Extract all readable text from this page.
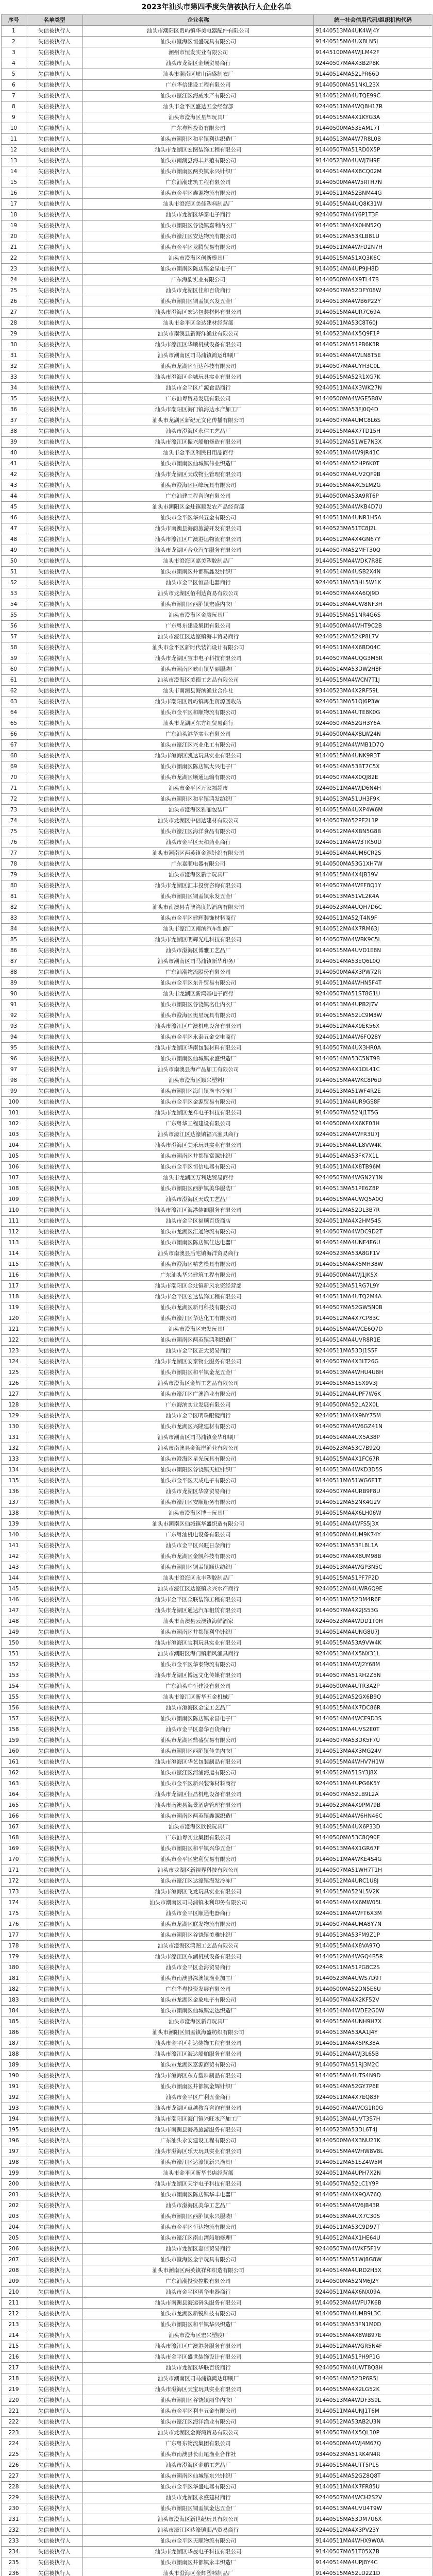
2023年汕头市第四季度失信被执行人企业名单
序号	名单类型	企业名称	统一社会信用代码/组织机构代码
1	失信被执行人	汕头市潮阳区贵屿镇华美电器配件有限公司	91440513MA4UK4WJ4Y
2	失信被执行人	汕头市澄海区恒盛玩具有限公司	91440515MA4UX8LN5J
3	失信被执行人	潮州市恒发实业有限公司	91445100MA4WJLM42F
4	失信被执行人	汕头市龙湖区金顺贸易商行	92440507MA4X3B2P8K
5	失信被执行人	汕头市潮南区峡山锦盛制衣厂	91440514MA52LPR66D
6	失信被执行人	广东华信建设工程有限公司	91440500MA51NKL23X
7	失信被执行人	汕头市濠江区海威水产有限公司	91440512MA4UTQE99C
8	失信被执行人	汕头市金平区盛达五金经营部	92440511MA4WQ8H17R
9	失信被执行人	汕头市澄海区星辉玩具厂	91440515MA4X1KYG3A
10	失信被执行人	广东粤辉投资有限公司	91440500MA53EAM17T
11	失信被执行人	汕头市潮阳区和平镇利达织造厂	91440513MA4W7R8L0B
12	失信被执行人	汕头市龙湖区宏图装饰工程有限公司	91440507MA51RD0X5P
13	失信被执行人	汕头市南澳县海丰养殖有限公司	91440523MA4UWJ7H9E
14	失信被执行人	汕头市潮南区两英镇永兴针织厂	91440514MA4X8CQ02M
15	失信被执行人	广东汕潮建筑工程有限公司	91440500MA4W5RTH7N
16	失信被执行人	汕头市金平区鑫源物流有限公司	91440511MA52BNM44G
17	失信被执行人	汕头市澄海区美佳塑料制品厂	91440515MA4UQ8K31W
18	失信被执行人	汕头市龙湖区华泰电子商行	92440507MA4Y6P1T3F
19	失信被执行人	汕头市潮阳区谷饶镇嘉利内衣厂	91440513MA4X0HN52Q
20	失信被执行人	汕头市濠江区安达物流有限公司	91440512MA53KLB81U
21	失信被执行人	汕头市金平区龙腾贸易有限公司	91440511MA4WFD2N7H
22	失信被执行人	汕头市澄海区创新模具厂	91440515MA51XQ3K6C
23	失信被执行人	汕头市潮南区陈店镇金星电子厂	91440514MA4UP9JH8D
24	失信被执行人	广东海韵实业有限公司	91440500MA4X9TL47B
25	失信被执行人	汕头市龙湖区佳和百货商行	92440507MA52DFY08W
26	失信被执行人	汕头市潮阳区铜盂镇兴发五金厂	91440513MA4WB6P22Y
27	失信被执行人	汕头市澄海区宏达包装材料有限公司	91440515MA4UR7C69A
28	失信被执行人	汕头市金平区金达建材经营部	92440511MA53C8T60J
29	失信被执行人	汕头市南澳县新海洋渔业有限公司	91440523MA4X5Q9F1P
30	失信被执行人	汕头市濠江区华顺机械设备有限公司	91440512MA51PB6K3R
31	失信被执行人	汕头市潮南区司马浦镇鸿运印刷厂	91440514MA4WLN8T5E
32	失信被执行人	汕头市龙湖区恒达科技有限公司	91440507MA4UYH3C0L
33	失信被执行人	汕头市澄海区金城玩具实业有限公司	91440515MA52R1XG7K
34	失信被执行人	汕头市金平区广源食品商行	92440511MA4X3WK27N
35	失信被执行人	广东汕粤贸易发展有限公司	91440500MA4WGE5B8V
36	失信被执行人	汕头市潮阳区海门镇海达水产加工厂	91440513MA53FJ0Q4D
37	失信被执行人	汕头市龙湖区新纪元文化传播有限公司	91440507MA4UMC8L6S
38	失信被执行人	汕头市澄海区永信工艺品厂	91440515MA4X7TD15H
39	失信被执行人	汕头市濠江区振兴船舶修造有限公司	91440512MA51WE7N3X
40	失信被执行人	汕头市金平区利民日用品商行	92440511MA4W9JR41C
41	失信被执行人	汕头市潮南区仙城镇伟业织造厂	91440514MA52HP6K0T
42	失信被执行人	汕头市龙湖区天成物业管理有限公司	91440507MA4UV2QF9B
43	失信被执行人	汕头市澄海区巨峰玩具有限公司	91440515MA4XC5LM2G
44	失信被执行人	广东汕建工程咨询有限公司	91440500MA53A9RT6P
45	失信被执行人	汕头市潮阳区金灶镇顺发农产品经营部	92440513MA4WKB4D7U
46	失信被执行人	汕头市金平区华兴五金有限公司	91440511MA4UNR1H5A
47	失信被执行人	汕头市南澳县海韵旅游开发有限公司	91440523MA51TC8J2L
48	失信被执行人	汕头市濠江区广澳港运物流有限公司	91440512MA4X4GN67Y
49	失信被执行人	汕头市龙湖区合众汽车服务有限公司	91440507MA52MFT30Q
50	失信被执行人	汕头市澄海区嘉美塑胶制品厂	91440515MA4WDK7R8E
51	失信被执行人	汕头市潮南区井都镇鑫发针织厂	91440514MA4USB2X4N
52	失信被执行人	汕头市金平区恒昌电器商行	92440511MA53HL5W1K
53	失信被执行人	汕头市龙湖区佰利达贸易有限公司	91440507MA4XA6QJ9D
54	失信被执行人	汕头市潮阳区西胪镇宏盛内衣厂	91440513MA4UW8NF3H
55	失信被执行人	汕头市澄海区金鹰玩具厂	91440515MA51NR4G6S
56	失信被执行人	广东粤东建设集团有限公司	91440500MA4WHT9C2B
57	失信被执行人	汕头市濠江区达濠镇海丰贸易商行	92440512MA52KP8L7V
58	失信被执行人	汕头市金平区新时代装饰设计有限公司	91440511MA4X6BD04C
59	失信被执行人	汕头市龙湖区宝丰电子科技有限公司	91440507MA4UQG3M5R
60	失信被执行人	汕头市潮南区峡山镇华丽服装厂	91440514MA53DW2H8F
61	失信被执行人	汕头市澄海区美德工艺品有限公司	91440515MA4WCN7T1J
62	失信被执行人	汕头市南澳县海滨渔业合作社	93440523MA4X2RF59L
63	失信被执行人	汕头市潮阳区贵屿镇再生资源回收站	92440513MA51QJ6P3W
64	失信被执行人	汕头市金平区和顺物流有限公司	91440511MA4UTE8K0G
65	失信被执行人	汕头市龙湖区东方红贸易商行	92440507MA52GH3Y6A
66	失信被执行人	广东汕头港华实业有限公司	91440500MA4X8LW24N
67	失信被执行人	汕头市濠江区兴业化工有限公司	91440512MA4WMB1D7Q
68	失信被执行人	汕头市澄海区凯达玩具实业有限公司	91440515MA4UNK9R3T
69	失信被执行人	汕头市潮南区陈店镇大兴电子厂	91440514MA53BT7C5X
70	失信被执行人	汕头市龙湖区顺通运输有限公司	91440507MA4X0QJ82E
71	失信被执行人	汕头市金平区万家福超市	92440511MA4WJD6N4H
72	失信被执行人	汕头市潮阳区和平镇鸿发纺织厂	91440513MA51UH3F9K
73	失信被执行人	汕头市澄海区雅丽包装厂	91440515MA4UXP4W6M
74	失信被执行人	汕头市龙湖区中信达建材有限公司	91440507MA52PE2L1P
75	失信被执行人	汕头市濠江区海洋食品有限公司	91440512MA4XBN5G8B
76	失信被执行人	汕头市金平区天和药业商行	92440511MA4W3TK50D
77	失信被执行人	汕头市潮南区两英镇金源针织有限公司	91440514MA4UM6CR2S
78	失信被执行人	广东嘉顺电器有限公司	91440500MA53G1XH7W
79	失信被执行人	汕头市澄海区新宇玩具厂	91440515MA4X4JB39V
80	失信被执行人	汕头市龙湖区汇丰投资咨询有限公司	91440507MA4WEF8Q1Y
81	失信被执行人	汕头市潮阳区铜盂镇永发五金厂	91440513MA51VL2K4A
82	失信被执行人	汕头市南澳县青澳湾度假酒店有限公司	91440523MA4UQH7D6C
83	失信被执行人	汕头市金平区建辉装饰材料商行	92440511MA52JT4N9F
84	失信被执行人	汕头市濠江区南滨汽车维修厂	91440512MA4X7RM63J
85	失信被执行人	汕头市龙湖区明辉光电科技有限公司	91440507MA4WBK9C5L
86	失信被执行人	汕头市澄海区博雅工艺品厂	91440515MA4UVD1E8N
87	失信被执行人	汕头市潮南区司马浦镇新华印务厂	91440514MA53EQ6L0Q
88	失信被执行人	广东汕潮物流股份有限公司	91440500MA4X3PW72R
89	失信被执行人	汕头市金平区东升贸易有限公司	91440511MA4WHN5F4T
90	失信被执行人	汕头市龙湖区新鸿基电子商行	92440507MA51ST8G1U
91	失信被执行人	汕头市潮阳区谷饶镇名仕内衣厂	91440513MA4UPB2J7V
92	失信被执行人	汕头市澄海区奥星玩具有限公司	91440515MA52LC9M3W
93	失信被执行人	汕头市濠江区广澳机电设备有限公司	91440512MA4X9EK56X
94	失信被执行人	汕头市金平区永泰五金交电商行	92440511MA4W6FQ28Y
95	失信被执行人	汕头市龙湖区华南包装材料有限公司	91440507MA4UX3HR0A
96	失信被执行人	汕头市潮南区仙城镇永盛织造厂	91440514MA53C5NT9B
97	失信被执行人	汕头市南澳县海产品加工有限公司	91440523MA4X1DL41C
98	失信被执行人	汕头市澄海区顺兴塑料厂	91440515MA4WKC8P6D
99	失信被执行人	汕头市潮阳区海门镇渔丰冷冻厂	91440513MA51WF4R2E
100	失信被执行人	汕头市金平区金源贸易有限公司	91440511MA4UR9GS8F
101	失信被执行人	汕头市龙湖区龙祥电子科技有限公司	91440507MA52NJ1T5G
102	失信被执行人	广东粤华工程建设有限公司	91440500MA4X6KF03H
103	失信被执行人	汕头市濠江区达濠镇福兴渔具商行	92440512MA4WFR3U7J
104	失信被执行人	汕头市澄海区美乐玩具实业有限公司	91440515MA4UL8VW4K
105	失信被执行人	汕头市潮南区井都镇富源针织厂	91440514MA53FK7X1L
106	失信被执行人	汕头市金平区恒信电器有限公司	91440511MA4X8TB96M
107	失信被执行人	汕头市龙湖区万利达贸易商行	92440507MA4WGN2Y3N
108	失信被执行人	汕头市潮阳区西胪镇美华服装厂	91440513MA51PE6Z8P
109	失信被执行人	汕头市澄海区天成工艺品厂	91440515MA4UWQ5A0Q
110	失信被执行人	汕头市濠江区海港装卸服务有限公司	91440512MA52DL3B7R
111	失信被执行人	汕头市金平区福顺百货商店	92440511MA4X2HM54S
112	失信被执行人	汕头市龙湖区汇通物流有限公司	91440507MA4WDC9D2T
113	失信被执行人	汕头市潮南区陈店镇佳达电器厂	91440514MA4UNF4E6U
114	失信被执行人	汕头市南澳县后宅镇海洋贸易商行	92440523MA53A8GF1V
115	失信被执行人	汕头市澄海区精艺模具有限公司	91440515MA4X5MH38W
116	失信被执行人	广东汕头华兴建筑工程有限公司	91440500MA4WJ1JK5X
117	失信被执行人	汕头市潮阳区金灶镇新风农资经营部	92440513MA51RG7L9Y
118	失信被执行人	汕头市金平区宏达装饰工程有限公司	91440511MA4UTQ2M4A
119	失信被执行人	汕头市龙湖区新月科技有限公司	91440507MA52GW5N0B
120	失信被执行人	汕头市濠江区华达化工有限公司	91440512MA4X7CP83C
121	失信被执行人	汕头市澄海区宏发玩具厂	91440515MA4WCE6Q7D
122	失信被执行人	汕头市潮南区两英镇鸿利织造厂	91440514MA4UVR8R1E
123	失信被执行人	汕头市金平区正大贸易商行	92440511MA53DJ1S5F
124	失信被执行人	汕头市龙湖区安泰物业服务有限公司	91440507MA4X3LT26G
125	失信被执行人	汕头市潮阳区和平镇金龙五金厂	91440513MA4WHU4U8H
126	失信被执行人	汕头市澄海区金辉工艺品有限公司	91440515MA51SX9V3J
127	失信被执行人	汕头市濠江区广澳渔业有限公司	91440512MA4UPF7W6K
128	失信被执行人	广东海滨实业发展有限公司	91440500MA52LA2X0L
129	失信被执行人	汕头市金平区明珠眼镜商行	92440511MA4X9NY75M
130	失信被执行人	汕头市龙湖区兴隆建材有限公司	91440507MA4W6GZ41N
131	失信被执行人	汕头市潮南区司马浦镇金华印刷厂	91440514MA4UX5A38P
132	失信被执行人	汕头市南澳县金海岸渔业有限公司	91440523MA53C7B92Q
133	失信被执行人	汕头市澄海区星光玩具有限公司	91440515MA4X1FC67R
134	失信被执行人	汕头市潮阳区谷饶镇天虹针织厂	91440513MA4WKD3D5S
135	失信被执行人	汕头市金平区天成电子有限公司	91440511MA51WG6E1T
136	失信被执行人	汕头市龙湖区华富贸易商行	92440507MA4URB9F8U
137	失信被执行人	汕头市濠江区安顺船务有限公司	91440512MA52NK4G2V
138	失信被执行人	汕头市澄海区博士玩具厂	91440515MA4X6LH06W
139	失信被执行人	汕头市潮南区仙城镇华盛织造有限公司	91440514MA4WFS5J3X
140	失信被执行人	广东粤汕机电设备有限公司	91440500MA4UM9K74Y
141	失信被执行人	汕头市金平区兴旺日杂商行	92440511MA53FL8L1A
142	失信被执行人	汕头市龙湖区金凯科技有限公司	91440507MA4X8UM98B
143	失信被执行人	汕头市潮阳区铜盂镇顺达纺织厂	91440513MA4WGP3N5C
144	失信被执行人	汕头市澄海区永丰塑胶制品厂	91440515MA51PF7P2D
145	失信被执行人	汕头市濠江区达濠镇永兴水产商行	92440512MA4UWR6Q9E
146	失信被执行人	汕头市金平区众联装饰工程有限公司	91440511MA52DM4R6F
147	失信被执行人	汕头市龙湖区通达汽车租赁有限公司	91440507MA4X2JS53G
148	失信被执行人	汕头市南澳县云澳镇海鲜酒家	92440523MA4WDD1T0H
149	失信被执行人	汕头市潮南区井都镇利华针织厂	91440514MA4UNG8U7J
150	失信被执行人	汕头市澄海区宝利玩具实业有限公司	91440515MA53A9VW4K
151	失信被执行人	汕头市潮阳区海门镇顺风渔具商行	92440513MA4X5NX31L
152	失信被执行人	汕头市金平区华泰物流有限公司	91440511MA4WJ2Y68M
153	失信被执行人	汕头市龙湖区博远文化传媒有限公司	91440507MA51RH2Z5N
154	失信被执行人	广东汕头中恒建设有限公司	91440500MA4UTR3A2P
155	失信被执行人	汕头市濠江区新华五金机械厂	91440512MA52GX6B9Q
156	失信被执行人	汕头市澄海区金宝工艺品厂	91440515MA4X7DC86R
157	失信被执行人	汕头市潮南区陈店镇永昌电子厂	91440514MA4WCF9D3S
158	失信被执行人	汕头市金平区嘉华百货商行	92440511MA4UVS2E0T
159	失信被执行人	汕头市龙湖区鼎盛贸易有限公司	91440507MA53DK5F7U
160	失信被执行人	汕头市潮阳区西胪镇佳美内衣厂	91440513MA4X3MG24V
161	失信被执行人	汕头市澄海区华艺包装制品有限公司	91440515MA4WHV7H1W
162	失信被执行人	汕头市濠江区河浦海运有限公司	91440512MA51SY3J8X
163	失信被执行人	汕头市金平区新兴装饰材料商行	92440511MA4UPG6K5Y
164	失信被执行人	汕头市龙湖区恒昌机电设备有限公司	91440507MA52LB9L2A
165	失信被执行人	汕头市南澳县海景酒店管理有限公司	91440523MA4X9PM79B
166	失信被执行人	汕头市潮南区两英镇鑫源织造厂	91440514MA4W6HN46C
167	失信被执行人	汕头市澄海区欣悦玩具厂	91440515MA4UX6P33D
168	失信被执行人	广东汕粤实业集团有限公司	91440500MA53C8Q90E
169	失信被执行人	汕头市潮阳区和平镇兴华五金厂	91440513MA4X1GR67F
170	失信被执行人	汕头市金平区宏利贸易有限公司	91440511MA4WKE4S4G
171	失信被执行人	汕头市龙湖区新视界科技有限公司	91440507MA51WH7T1H
172	失信被执行人	汕头市濠江区达濠镇海发冷冻厂	91440512MA4URC1U8J
173	失信被执行人	汕头市澄海区飞龙玩具实业有限公司	91440515MA52NL5V2K
174	失信被执行人	汕头市潮南区司马浦镇永利印务有限公司	91440514MA4X6MW05L
175	失信被执行人	汕头市金平区顺通电器商行	92440511MA4WFT6X3M
176	失信被执行人	汕头市龙湖区联发物流有限公司	91440507MA4UMA8Y7N
177	失信被执行人	汕头市潮阳区谷饶镇美雅针织厂	91440513MA53FM9Z1P
178	失信被执行人	汕头市澄海区鸿图工艺品有限公司	91440515MA4X8VA97Q
179	失信被执行人	汕头市濠江区东湖机械设备有限公司	91440512MA4WGQ4B5R
180	失信被执行人	汕头市金平区金海贸易商行	92440511MA51PG8C2S
181	失信被执行人	汕头市南澳县深澳镇渔业加工厂	91440523MA4UWS7D9T
182	失信被执行人	广东华粤投资发展有限公司	91440500MA52DN5E6U
183	失信被执行人	汕头市龙湖区金象电子有限公司	91440507MA4X2KF52V
184	失信被执行人	汕头市潮南区仙城镇宏达织造厂	91440514MA4WDE2G0W
185	失信被执行人	汕头市澄海区新奇玩具厂	91440515MA4UNH9H7X
186	失信被执行人	汕头市潮阳区铜盂镇海盛纺织有限公司	91440513MA53AA1J4Y
187	失信被执行人	汕头市金平区利达装饰工程有限公司	91440511MA4X5PK38A
188	失信被执行人	汕头市濠江区海达船舶服务有限公司	91440512MA4WJ3L65B
189	失信被执行人	汕头市龙湖区富源商贸有限公司	91440507MA51RJ3M2C
190	失信被执行人	汕头市澄海区东方塑料制品有限公司	91440515MA4UTS4N9D
191	失信被执行人	汕头市潮南区井都镇金辉针织厂	91440514MA52GY7P6E
192	失信被执行人	汕头市金平区广利五金商行	92440511MA4X7EQ83F
193	失信被执行人	汕头市龙湖区卓越教育咨询有限公司	91440507MA4WCG1R0G
194	失信被执行人	汕头市潮阳区海门镇兴旺水产加工厂	91440513MA4UVT3S7H
195	失信被执行人	汕头市南澳县海岛旅游服务有限公司	91440523MA53DL6T4J
196	失信被执行人	广东汕头永安建设工程有限公司	91440500MA4X3NU21K
197	失信被执行人	汕头市澄海区乐天玩具实业有限公司	91440515MA4WHW8V8L
198	失信被执行人	汕头市濠江区达濠镇新兴渔具厂	91440512MA51SZ4W5M
199	失信被执行人	汕头市金平区新华书店经营部	92440511MA4UPH7X2N
200	失信被执行人	汕头市龙湖区天宇电子科技有限公司	91440507MA52LC1Y9P
201	失信被执行人	汕头市潮南区陈店镇华丰电器厂	91440514MA4X9QA76Q
202	失信被执行人	汕头市澄海区美华工艺品厂	91440515MA4W6JB43R
203	失信被执行人	汕头市潮阳区西胪镇永兴服装厂	91440513MA4UX7C30S
204	失信被执行人	汕头市金平区恒达物流有限公司	91440511MA53C9D97T
205	失信被执行人	汕头市濠江区南山湾船舶修理厂	91440512MA4X1HE64U
206	失信被执行人	汕头市龙湖区嘉信贸易商行	92440507MA4WKF5F1V
207	失信被执行人	汕头市澄海区金宇玩具有限公司	91440515MA51WJ8G8W
208	失信被执行人	汕头市潮南区两英镇祥和织造有限公司	91440514MA4URD2H5X
209	失信被执行人	广东汕潮投资控股有限公司	91440500MA52NM6J2Y
210	失信被执行人	汕头市金平区明华电器商行	92440511MA4X6NX09A
211	失信被执行人	汕头市南澳县海运码头服务有限公司	91440523MA4WFU7K6B
212	失信被执行人	汕头市龙湖区新锐科技有限公司	91440507MA4UMB9L3C
213	失信被执行人	汕头市潮阳区和平镇华兴织造厂	91440513MA53FN1M0D
214	失信被执行人	汕头市澄海区宏兴塑胶厂	91440515MA4X8WB97E
215	失信被执行人	汕头市濠江区广澳港务服务有限公司	91440512MA4WGR5N4F
216	失信被执行人	汕头市金平区盛世装饰设计有限公司	91440511MA51PH9P1G
217	失信被执行人	汕头市龙湖区华联百货商行	92440507MA4UWT8Q8H
218	失信被执行人	汕头市潮南区司马浦镇鸿达印刷厂	91440514MA52DP6R5J
219	失信被执行人	汕头市澄海区天宝玩具实业有限公司	91440515MA4X2LG52K
220	失信被执行人	汕头市潮阳区谷饶镇丽华内衣厂	91440513MA4WDF3S9L
221	失信被执行人	汕头市金平区利丰五金有限公司	91440511MA4UNJ1T6M
222	失信被执行人	汕头市濠江区海洋渔业有限公司	91440512MA53AB2U3N
223	失信被执行人	汕头市龙湖区金海湾贸易有限公司	91440507MA4X5QL30P
224	失信被执行人	广东粤东物流集团有限公司	91440500MA4WJ4M67Q
225	失信被执行人	汕头市南澳县长山尾渔业合作社	93440523MA51RK4N4R
226	失信被执行人	汕头市澄海区金鹏工艺品厂	91440515MA4UTT5P1S
227	失信被执行人	汕头市潮南区仙城镇东兴针织厂	91440514MA52GZ8Q8T
228	失信被执行人	汕头市金平区华盛电器有限公司	91440511MA4X7FR85U
229	失信被执行人	汕头市龙湖区永盛建材商行	92440507MA4WCH2S2V
230	失信被执行人	汕头市潮阳区铜盂镇金达五金厂	91440513MA4UVU4T9W
231	失信被执行人	汕头市澄海区新世纪玩具有限公司	91440515MA53DM7U6X
232	失信被执行人	汕头市濠江区达濠镇顺昌贸易商行	92440512MA4X3PV23Y
233	失信被执行人	汕头市金平区天顺物流有限公司	91440511MA4WHX9W0A
234	失信被执行人	汕头市龙湖区华晟电子科技有限公司	91440507MA51T05X7B
235	失信被执行人	汕头市潮南区井都镇永丰织造厂	91440514MA4UPJ8Y4C
236	失信被执行人	汕头市澄海区金辉塑料制品厂	91440515MA52LD2Z1D
